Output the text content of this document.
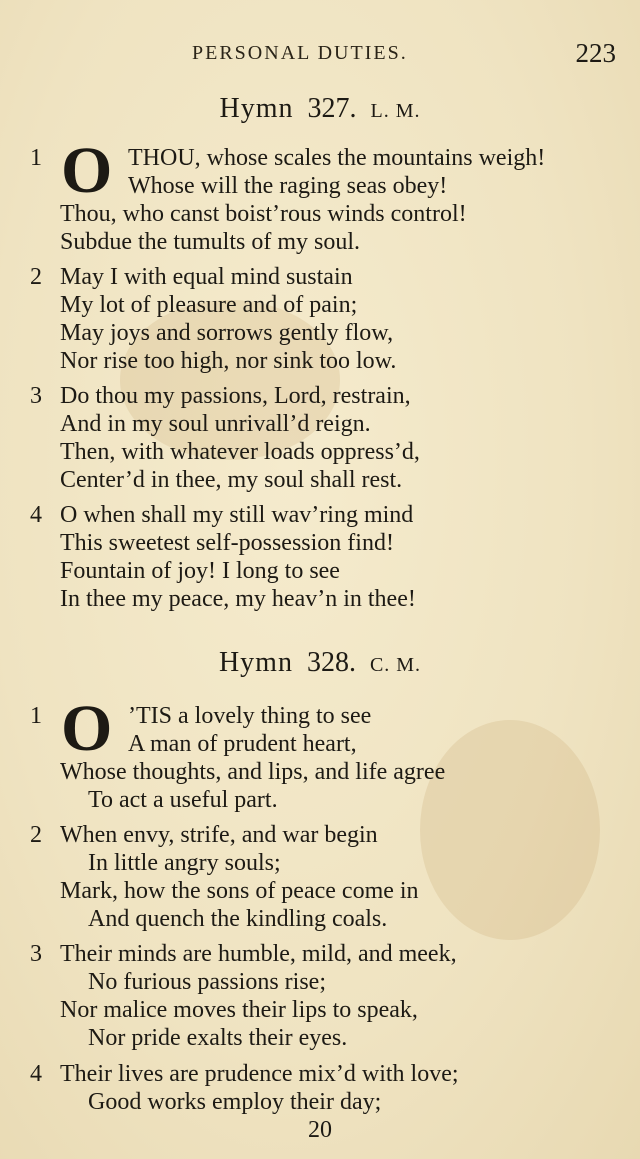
PERSONAL DUTIES.	223
Hymn 327. L. M.
1 O THOU, whose scales the mountains weigh!
Whose will the raging seas obey!
Thou, who canst boist’rous winds control!
Subdue the tumults of my soul.
2 May I with equal mind sustain
My lot of pleasure and of pain;
May joys and sorrows gently flow,
Nor rise too high, nor sink too low.
3 Do thou my passions, Lord, restrain,
And in my soul unrivall’d reign.
Then, with whatever loads oppress’d,
Center’d in thee, my soul shall rest.
4 O when shall my still wav’ring mind
This sweetest self-possession find!
Fountain of joy! I long to see
In thee my peace, my heav’n in thee!
Hymn 328. C. M.
1 O ’TIS a lovely thing to see
A man of prudent heart,
Whose thoughts, and lips, and life agree
To act a useful part.
2 When envy, strife, and war begin
In little angry souls;
Mark, how the sons of peace come in
And quench the kindling coals.
3 Their minds are humble, mild, and meek,
No furious passions rise;
Nor malice moves their lips to speak,
Nor pride exalts their eyes.
4 Their lives are prudence mix’d with love;
Good works employ their day;
20
